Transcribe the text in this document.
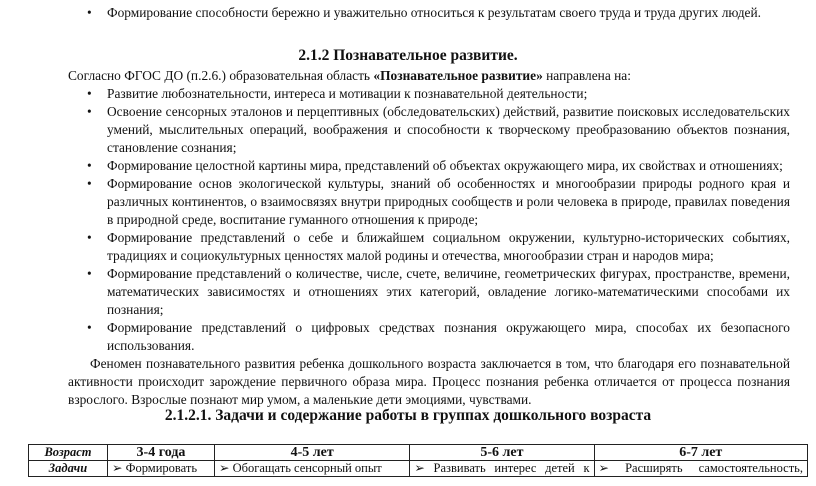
• Формирование способности бережно и уважительно относиться к результатам своего труда и труда других людей.
2.1.2 Познавательное развитие.
Согласно ФГОС ДО (п.2.6.) образовательная область «Познавательное развитие» направлена на:
• Развитие любознательности, интереса и мотивации к познавательной деятельности;
• Освоение сенсорных эталонов и перцептивных (обследовательских) действий, развитие поисковых исследовательских умений, мыслительных операций, воображения и способности к творческому преобразованию объектов познания, становление сознания;
• Формирование целостной картины мира, представлений об объектах окружающего мира, их свойствах и отношениях;
• Формирование основ экологической культуры, знаний об особенностях и многообразии природы родного края и различных континентов, о взаимосвязях внутри природных сообществ и роли человека в природе, правилах поведения в природной среде, воспитание гуманного отношения к природе;
• Формирование представлений о себе и ближайшем социальном окружении, культурно-исторических событиях, традициях и социокультурных ценностях малой родины и отечества, многообразии стран и народов мира;
• Формирование представлений о количестве, числе, счете, величине, геометрических фигурах, пространстве, времени, математических зависимостях и отношениях этих категорий, овладение логико-математическими способами их познания;
• Формирование представлений о цифровых средствах познания окружающего мира, способах их безопасного использования.
Феномен познавательного развития ребенка дошкольного возраста заключается в том, что благодаря его познавательной активности происходит зарождение первичного образа мира. Процесс познания ребенка отличается от процесса познания взрослого. Взрослые познают мир умом, а маленькие дети эмоциями, чувствами.
2.1.2.1. Задачи и содержание работы в группах дошкольного возраста
Возраст	3-4 года	4-5 лет	5-6 лет	6-7 лет
Задачи	➢ Формировать	➢ Обогащать сенсорный опыт	➢ Развивать интерес детей к	➢ Расширять самостоятельность,
